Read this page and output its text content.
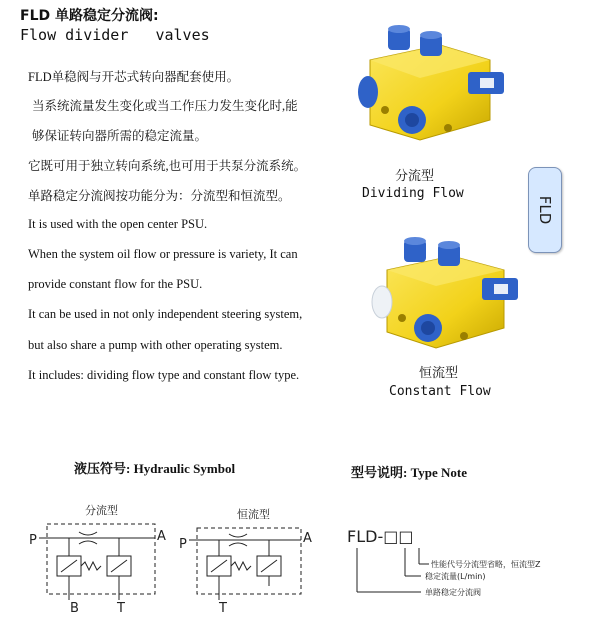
FLD 单路稳定分流阀:
Flow divider   valves
FLD单稳阀与开芯式转向器配套使用。
当系统流量发生变化或当工作压力发生变化时,能
够保证转向器所需的稳定流量。
它既可用于独立转向系统,也可用于共泵分流系统。
单路稳定分流阀按功能分为：分流型和恒流型。
It is used with the open center PSU.
When the system oil flow or pressure is variety, It can
provide constant flow for the PSU.
It can be used in not only independent steering system,
but also share a pump with other operating system.
It includes: dividing flow type and constant flow type.
分流型
Dividing Flow
FLD
恒流型
Constant Flow
液压符号: Hydraulic Symbol	型号说明: Type Note
分流型
P	A
B	T
恒流型
P	A
T
FLD-□□
性能代号分流型省略，恒流型Z
稳定流量(L/min)
单路稳定分流阀
